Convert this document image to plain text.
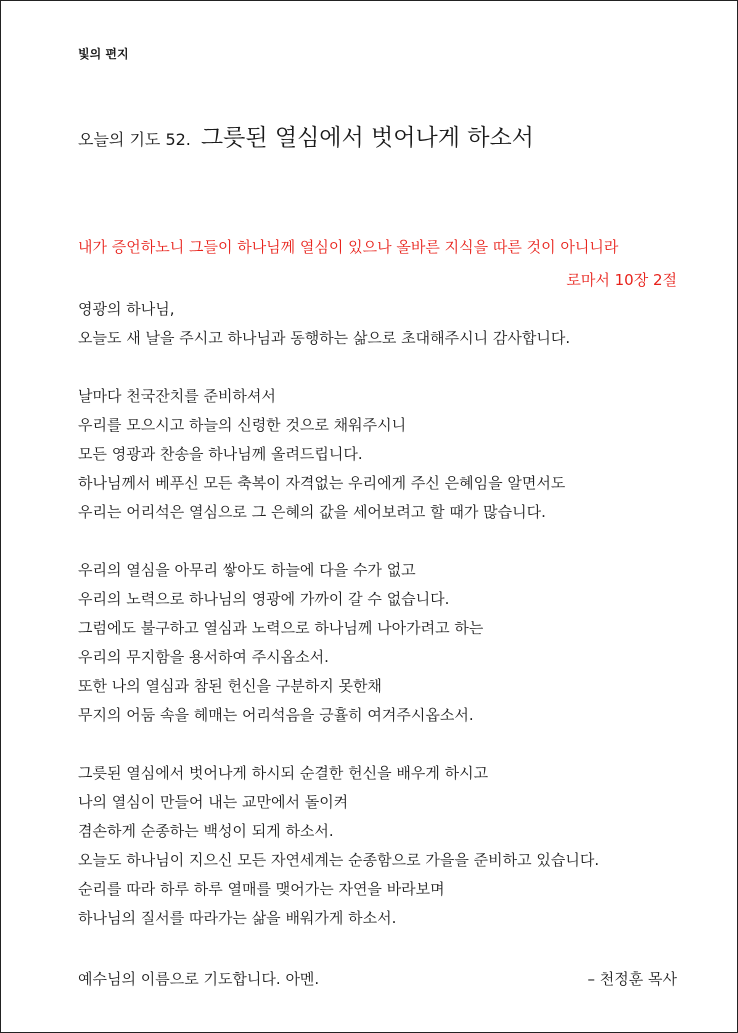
빛의 편지
오늘의 기도 52. 그릇된 열심에서 벗어나게 하소서
내가 증언하노니 그들이 하나님께 열심이 있으나 올바른 지식을 따른 것이 아니니라
로마서 10장 2절
영광의 하나님,
오늘도 새 날을 주시고 하나님과 동행하는 삶으로 초대해주시니 감사합니다.
날마다 천국잔치를 준비하셔서
우리를 모으시고 하늘의 신령한 것으로 채워주시니
모든 영광과 찬송을 하나님께 올려드립니다.
하나님께서 베푸신 모든 축복이 자격없는 우리에게 주신 은혜임을 알면서도
우리는 어리석은 열심으로 그 은혜의 값을 세어보려고 할 때가 많습니다.
우리의 열심을 아무리 쌓아도 하늘에 다을 수가 없고
우리의 노력으로 하나님의 영광에 가까이 갈 수 없습니다.
그럼에도 불구하고 열심과 노력으로 하나님께 나아가려고 하는
우리의 무지함을 용서하여 주시옵소서.
또한 나의 열심과 참된 헌신을 구분하지 못한채
무지의 어둠 속을 헤매는 어리석음을 긍휼히 여겨주시옵소서.
그릇된 열심에서 벗어나게 하시되 순결한 헌신을 배우게 하시고
나의 열심이 만들어 내는 교만에서 돌이켜
겸손하게 순종하는 백성이 되게 하소서.
오늘도 하나님이 지으신 모든 자연세계는 순종함으로 가을을 준비하고 있습니다.
순리를 따라 하루 하루 열매를 맺어가는 자연을 바라보며
하나님의 질서를 따라가는 삶을 배워가게 하소서.
예수님의 이름으로 기도합니다. 아멘.	– 천정훈 목사
